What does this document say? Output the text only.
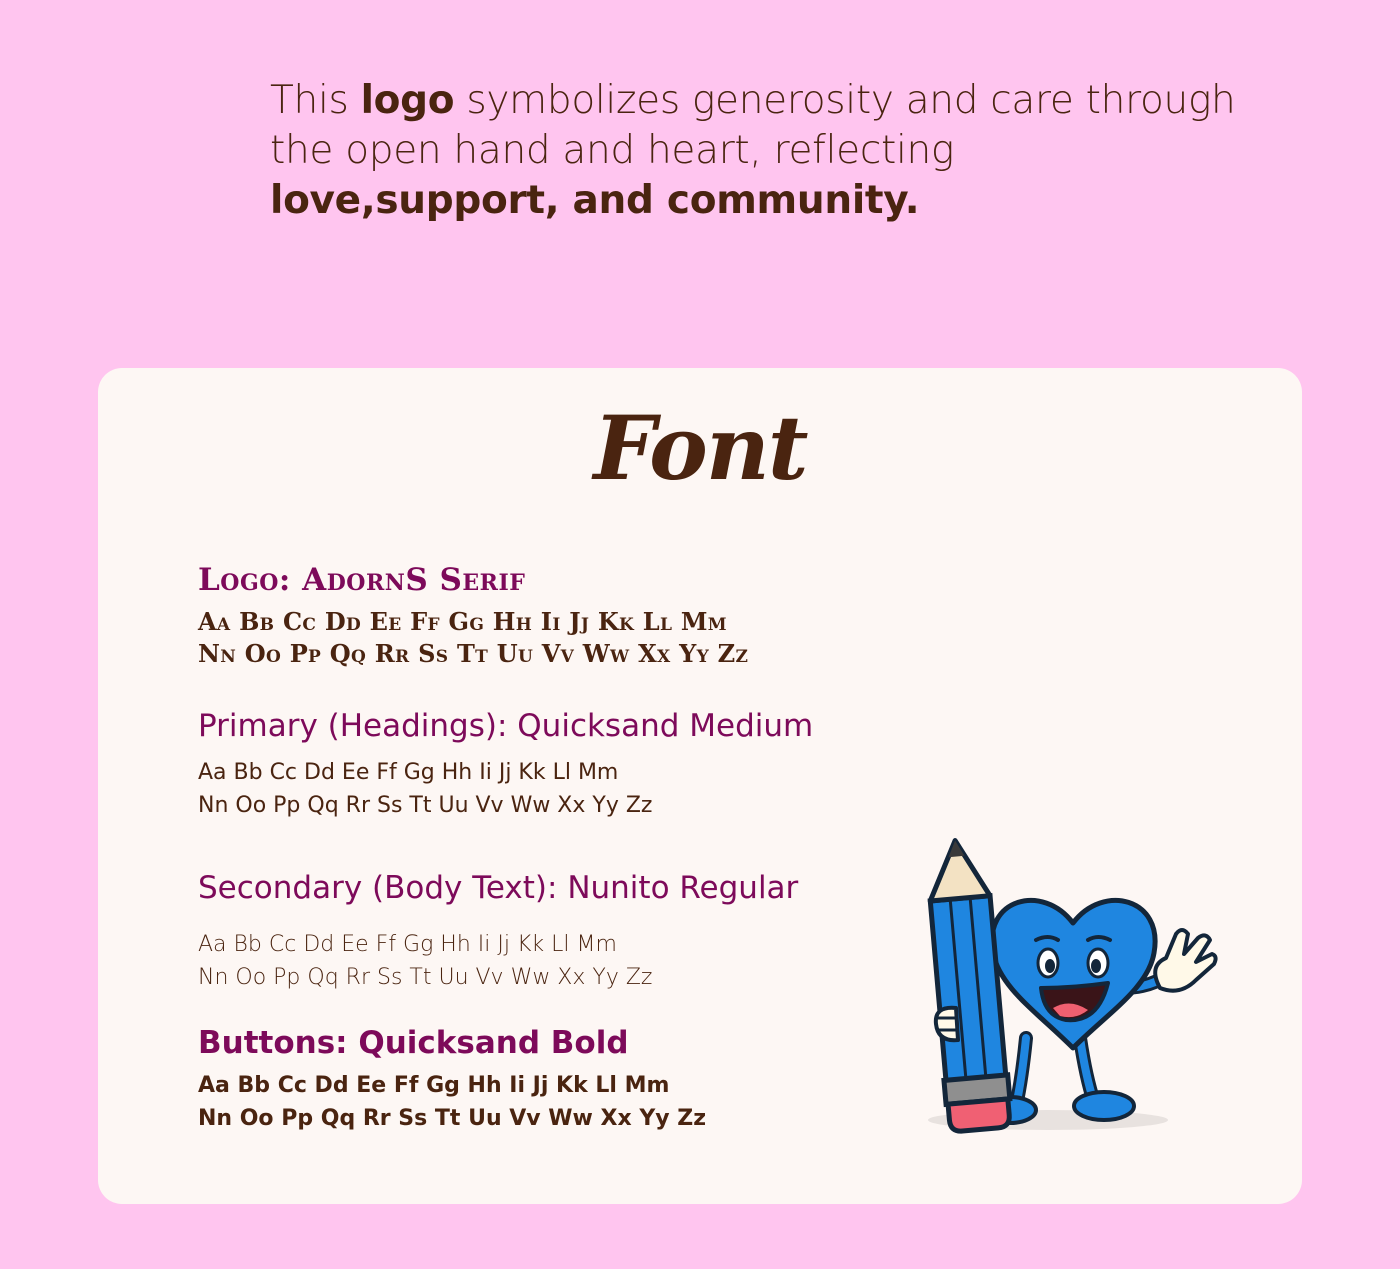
This logo symbolizes generosity and care through the open hand and heart, reflecting
love,support, and community.
Font
Logo: AdornS Serif
Aa Bb Cc Dd Ee Ff Gg Hh Ii Jj Kk Ll Mm
Nn Oo Pp Qq Rr Ss Tt Uu Vv Ww Xx Yy Zz
Primary (Headings): Quicksand Medium
Aa Bb Cc Dd Ee Ff Gg Hh Ii Jj Kk Ll Mm
Nn Oo Pp Qq Rr Ss Tt Uu Vv Ww Xx Yy Zz
Secondary (Body Text): Nunito Regular
Aa Bb Cc Dd Ee Ff Gg Hh Ii Jj Kk Ll Mm
Nn Oo Pp Qq Rr Ss Tt Uu Vv Ww Xx Yy Zz
Buttons: Quicksand Bold
Aa Bb Cc Dd Ee Ff Gg Hh Ii Jj Kk Ll Mm
Nn Oo Pp Qq Rr Ss Tt Uu Vv Ww Xx Yy Zz
